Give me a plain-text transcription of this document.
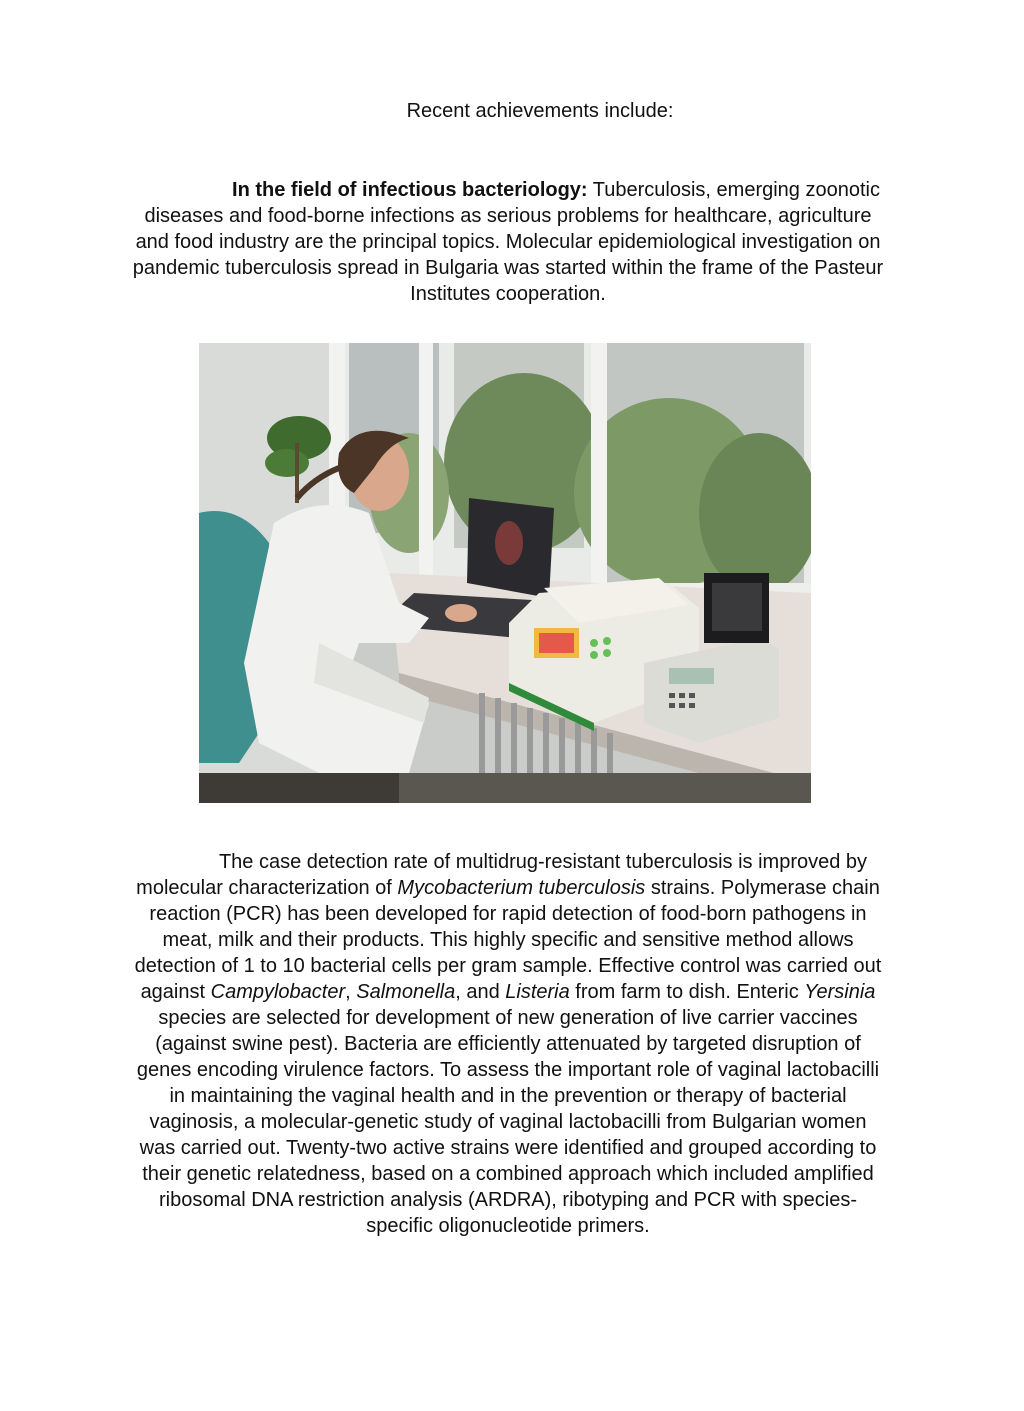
Recent achievements include:

In the field of infectious bacteriology: Tuberculosis, emerging zoonotic diseases and food-borne infections as serious problems for healthcare, agriculture and food industry are the principal topics. Molecular epidemiological investigation on pandemic tuberculosis spread in Bulgaria was started within the frame of the Pasteur Institutes cooperation.

The case detection rate of multidrug-resistant tuberculosis is improved by molecular characterization of Mycobacterium tuberculosis strains. Polymerase chain reaction (PCR) has been developed for rapid detection of food-born pathogens in meat, milk and their products. This highly specific and sensitive method allows detection of 1 to 10 bacterial cells per gram sample. Effective control was carried out against Campylobacter, Salmonella, and Listeria from farm to dish. Enteric Yersinia species are selected for development of new generation of live carrier vaccines (against swine pest). Bacteria are efficiently attenuated by targeted disruption of genes encoding virulence factors. To assess the important role of vaginal lactobacilli in maintaining the vaginal health and in the prevention or therapy of bacterial vaginosis, a molecular-genetic study of vaginal lactobacilli from Bulgarian women was carried out. Twenty-two active strains were identified and grouped according to their genetic relatedness, based on a combined approach which included amplified ribosomal DNA restriction analysis (ARDRA), ribotyping and PCR with species-specific oligonucleotide primers.
